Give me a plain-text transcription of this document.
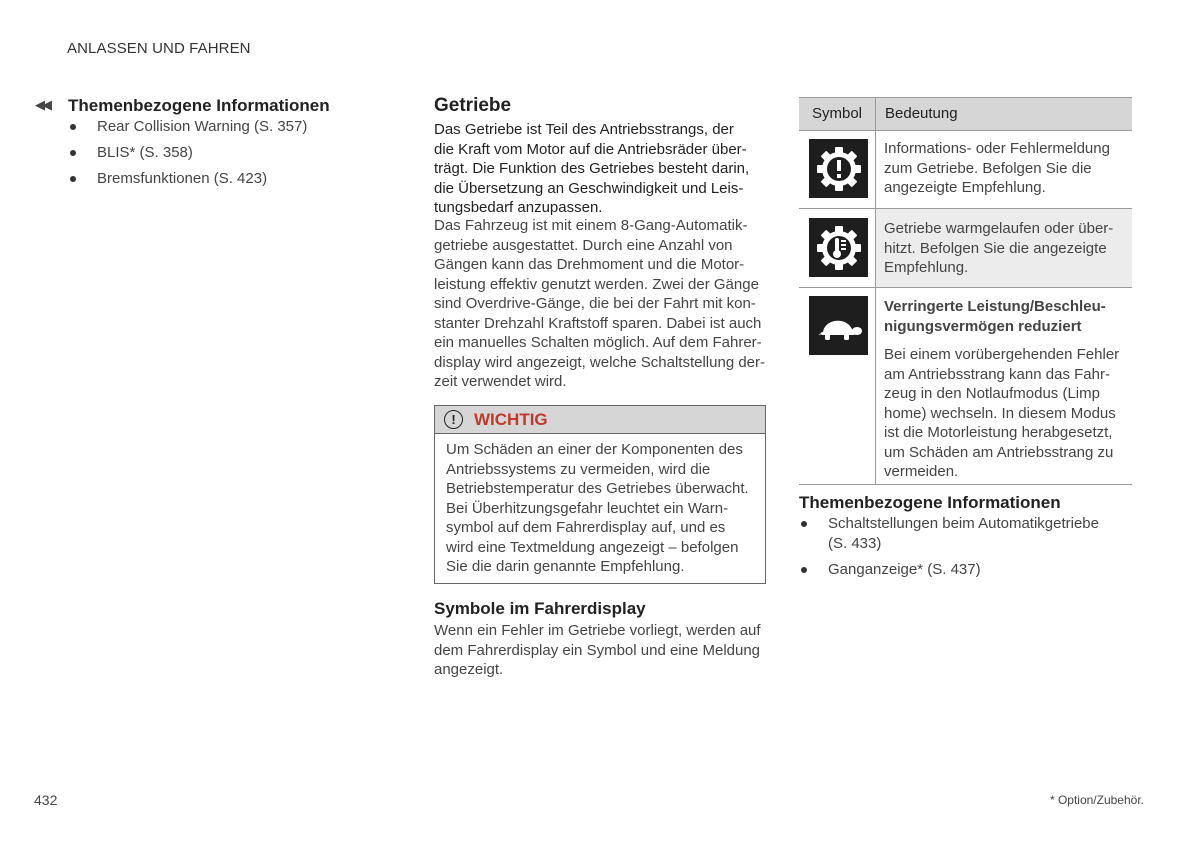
ANLASSEN UND FAHREN
◀◀ Themenbezogene Informationen
Rear Collision Warning (S. 357)
BLIS* (S. 358)
Bremsfunktionen (S. 423)
Getriebe
Das Getriebe ist Teil des Antriebsstrangs, der
die Kraft vom Motor auf die Antriebsräder über-
trägt. Die Funktion des Getriebes besteht darin,
die Übersetzung an Geschwindigkeit und Leis-
tungsbedarf anzupassen.
Das Fahrzeug ist mit einem 8-Gang-Automatik-
getriebe ausgestattet. Durch eine Anzahl von
Gängen kann das Drehmoment und die Motor-
leistung effektiv genutzt werden. Zwei der Gänge
sind Overdrive-Gänge, die bei der Fahrt mit kon-
stanter Drehzahl Kraftstoff sparen. Dabei ist auch
ein manuelles Schalten möglich. Auf dem Fahrer-
display wird angezeigt, welche Schaltstellung der-
zeit verwendet wird.
!	WICHTIG
Um Schäden an einer der Komponenten des
Antriebssystems zu vermeiden, wird die
Betriebstemperatur des Getriebes überwacht.
Bei Überhitzungsgefahr leuchtet ein Warn-
symbol auf dem Fahrerdisplay auf, und es
wird eine Textmeldung angezeigt – befolgen
Sie die darin genannte Empfehlung.
Symbole im Fahrerdisplay
Wenn ein Fehler im Getriebe vorliegt, werden auf
dem Fahrerdisplay ein Symbol und eine Meldung
angezeigt.
Symbol Bedeutung
Informations- oder Fehlermeldung
zum Getriebe. Befolgen Sie die
angezeigte Empfehlung.
Getriebe warmgelaufen oder über-
hitzt. Befolgen Sie die angezeigte
Empfehlung.
Verringerte Leistung/Beschleu-
nigungsvermögen reduziert
Bei einem vorübergehenden Fehler
am Antriebsstrang kann das Fahr-
zeug in den Notlaufmodus (Limp
home) wechseln. In diesem Modus
ist die Motorleistung herabgesetzt,
um Schäden am Antriebsstrang zu
vermeiden.
Themenbezogene Informationen
Schaltstellungen beim Automatikgetriebe
(S. 433)
Ganganzeige* (S. 437)
432	* Option/Zubehör.
